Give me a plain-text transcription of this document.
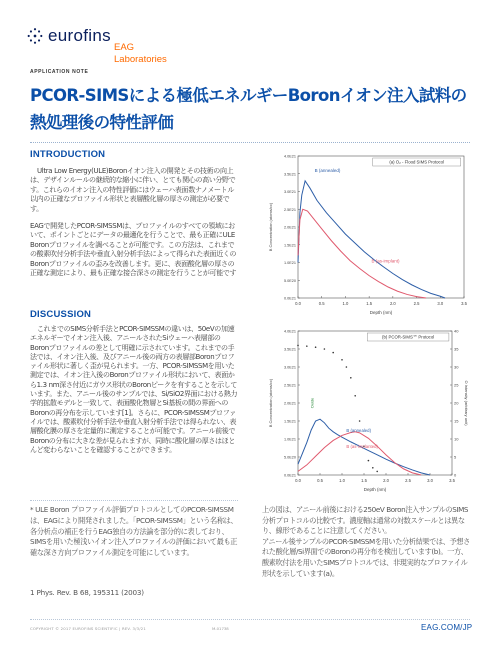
eurofins
EAG
Laboratories
APPLICATION NOTE
PCOR-SIMSによる極低エネルギーBoronイオン注入試料の熱処理後の特性評価
INTRODUCTION

Ultra Low Energy(ULE)Boronイオン注入の開発とその技術の向上は、デザインルールの継続的な縮小に伴い、とても関心の高い分野です。これらのイオン注入の特性評価にはウェーハ表面数ナノメートル以内の正確なプロファイル形状と表層酸化層の厚さの測定が必要です。

EAGで開発したPCOR-SIMSSMは、プロファイルのすべての領域において、ポイントごとにデータの最適化を行うことで、最も正確にULE Boronプロファイルを調べることが可能です。この方法は、これまでの酸素吹付分析手法や垂直入射分析手法によって得られた表面近くのBoronプロファイルの歪みを改善します。更に、表面酸化層の厚さの正確な測定により、最も正確な接合深さの測定を行うことが可能です

DISCUSSION

これまでのSIMS分析手法とPCOR-SIMSSMの違いは、50eVの加速エネルギーでイオン注入後、アニールされたSiウェーハ表層部のBoronプロファイルの差として明確に示されています。これまでの手法では、イオン注入後、及びアニール後の両方の表層部Boronプロファイル形状に著しく歪が見られます。一方、PCOR-SIMSSMを用いた測定では、イオン注入後のBoronプロファイル形状において、表面から1.3 nm深さ付近にガウス形状のBoronピークを有することを示しています。また、アニール後のサンプルでは、Si/SiO2界面における熱力学的拡散モデルと一致して、表面酸化物層とSi基板の間の界面へのBoronの再分布を示しています[1]。さらに、PCOR-SIMSSMプロファイルでは、酸素吹付分析手法や垂直入射分析手法では得られない、表層酸化膜の厚さを定量的に測定することが可能です。アニール前後でBoronの分布に大きな差が見られますが、同時に酸化層の厚さはほとんど変わらないことを確認することができます。

* ULE Boron プロファイル評価プロトコルとしてのPCOR-SIMSSM は、EAGにより開発されました。「PCOR-SIMSSM」という名称は、各分析点の補正を行うEAG独自の方法論を部分的に表しており、SIMSを用いた極浅いイオン注入プロファイルの評価において最も正確な深さ方向プロファイル測定を可能にしています。

1 Phys. Rev. B 68, 195311 (2003)

0.0	0.5	1.0	1.5	2.0	2.5	3.0	3.5
0.0E21
5.0E20
1.0E21
1.5E21
2.0E21
2.5E21
3.0E21
3.5E21
4.0E21
Depth (nm)
B Concentration (atoms/cc)
(a) O₂ - Flood SIMS Protocol
B (annealed)
B (as-implant)
0.0	0.5	1.0	1.5	2.0	2.5	3.0	3.5
0.0E21
5.0E20
1.0E21
1.5E21
2.0E21
2.5E21
3.0E21
3.5E21
4.0E21
Depth (nm)
B Concentration (atoms/cc)
0
5
10
15
20
25
30
35
40
O Intensity (arbitrary unit)
(b) PCOR-SIMS℠ Protocol
B (annealed)
B (as-implanted)
Oxide

上の図は、アニール前後における250eV Boron注入サンプルのSIMS 分析プロトコルの比較です。濃度軸は通常の対数スケールとは異なり、線形であることに注意してください。

アニール後サンプルのPCOR-SIMSSMを用いた分析結果では、予想された酸化層/Si界面でのBoronの再分布を検出しています(b)。一方、酸素吹付法を用いたSIMSプロトコルでは、非現実的なプロファイル形状を示しています(a)。

COPYRIGHT © 2017 EUROFINS SCIENTIFIC | REV. 3/3/21	M-01738	EAG.COM/JP
